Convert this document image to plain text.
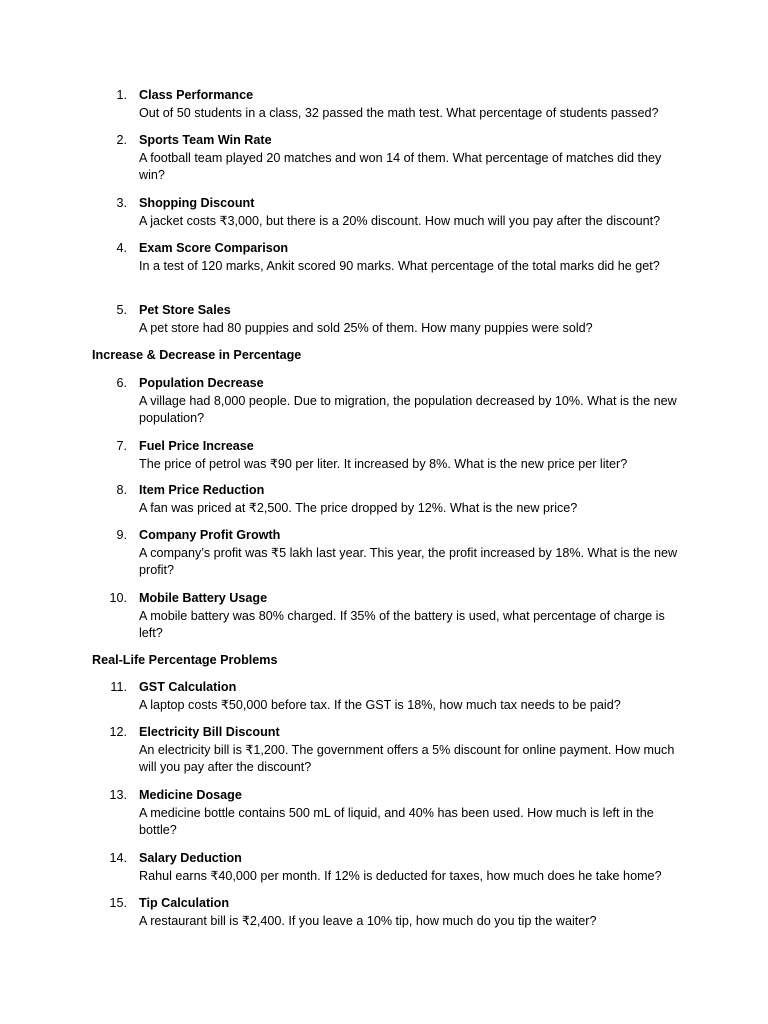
1. Class Performance
Out of 50 students in a class, 32 passed the math test. What percentage of students passed?
2. Sports Team Win Rate
A football team played 20 matches and won 14 of them. What percentage of matches did they win?
3. Shopping Discount
A jacket costs ₹3,000, but there is a 20% discount. How much will you pay after the discount?
4. Exam Score Comparison
In a test of 120 marks, Ankit scored 90 marks. What percentage of the total marks did he get?
5. Pet Store Sales
A pet store had 80 puppies and sold 25% of them. How many puppies were sold?
Increase & Decrease in Percentage
6. Population Decrease
A village had 8,000 people. Due to migration, the population decreased by 10%. What is the new population?
7. Fuel Price Increase
The price of petrol was ₹90 per liter. It increased by 8%. What is the new price per liter?
8. Item Price Reduction
A fan was priced at ₹2,500. The price dropped by 12%. What is the new price?
9. Company Profit Growth
A company’s profit was ₹5 lakh last year. This year, the profit increased by 18%. What is the new profit?
10. Mobile Battery Usage
A mobile battery was 80% charged. If 35% of the battery is used, what percentage of charge is left?
Real-Life Percentage Problems
11. GST Calculation
A laptop costs ₹50,000 before tax. If the GST is 18%, how much tax needs to be paid?
12. Electricity Bill Discount
An electricity bill is ₹1,200. The government offers a 5% discount for online payment. How much will you pay after the discount?
13. Medicine Dosage
A medicine bottle contains 500 mL of liquid, and 40% has been used. How much is left in the bottle?
14. Salary Deduction
Rahul earns ₹40,000 per month. If 12% is deducted for taxes, how much does he take home?
15. Tip Calculation
A restaurant bill is ₹2,400. If you leave a 10% tip, how much do you tip the waiter?
